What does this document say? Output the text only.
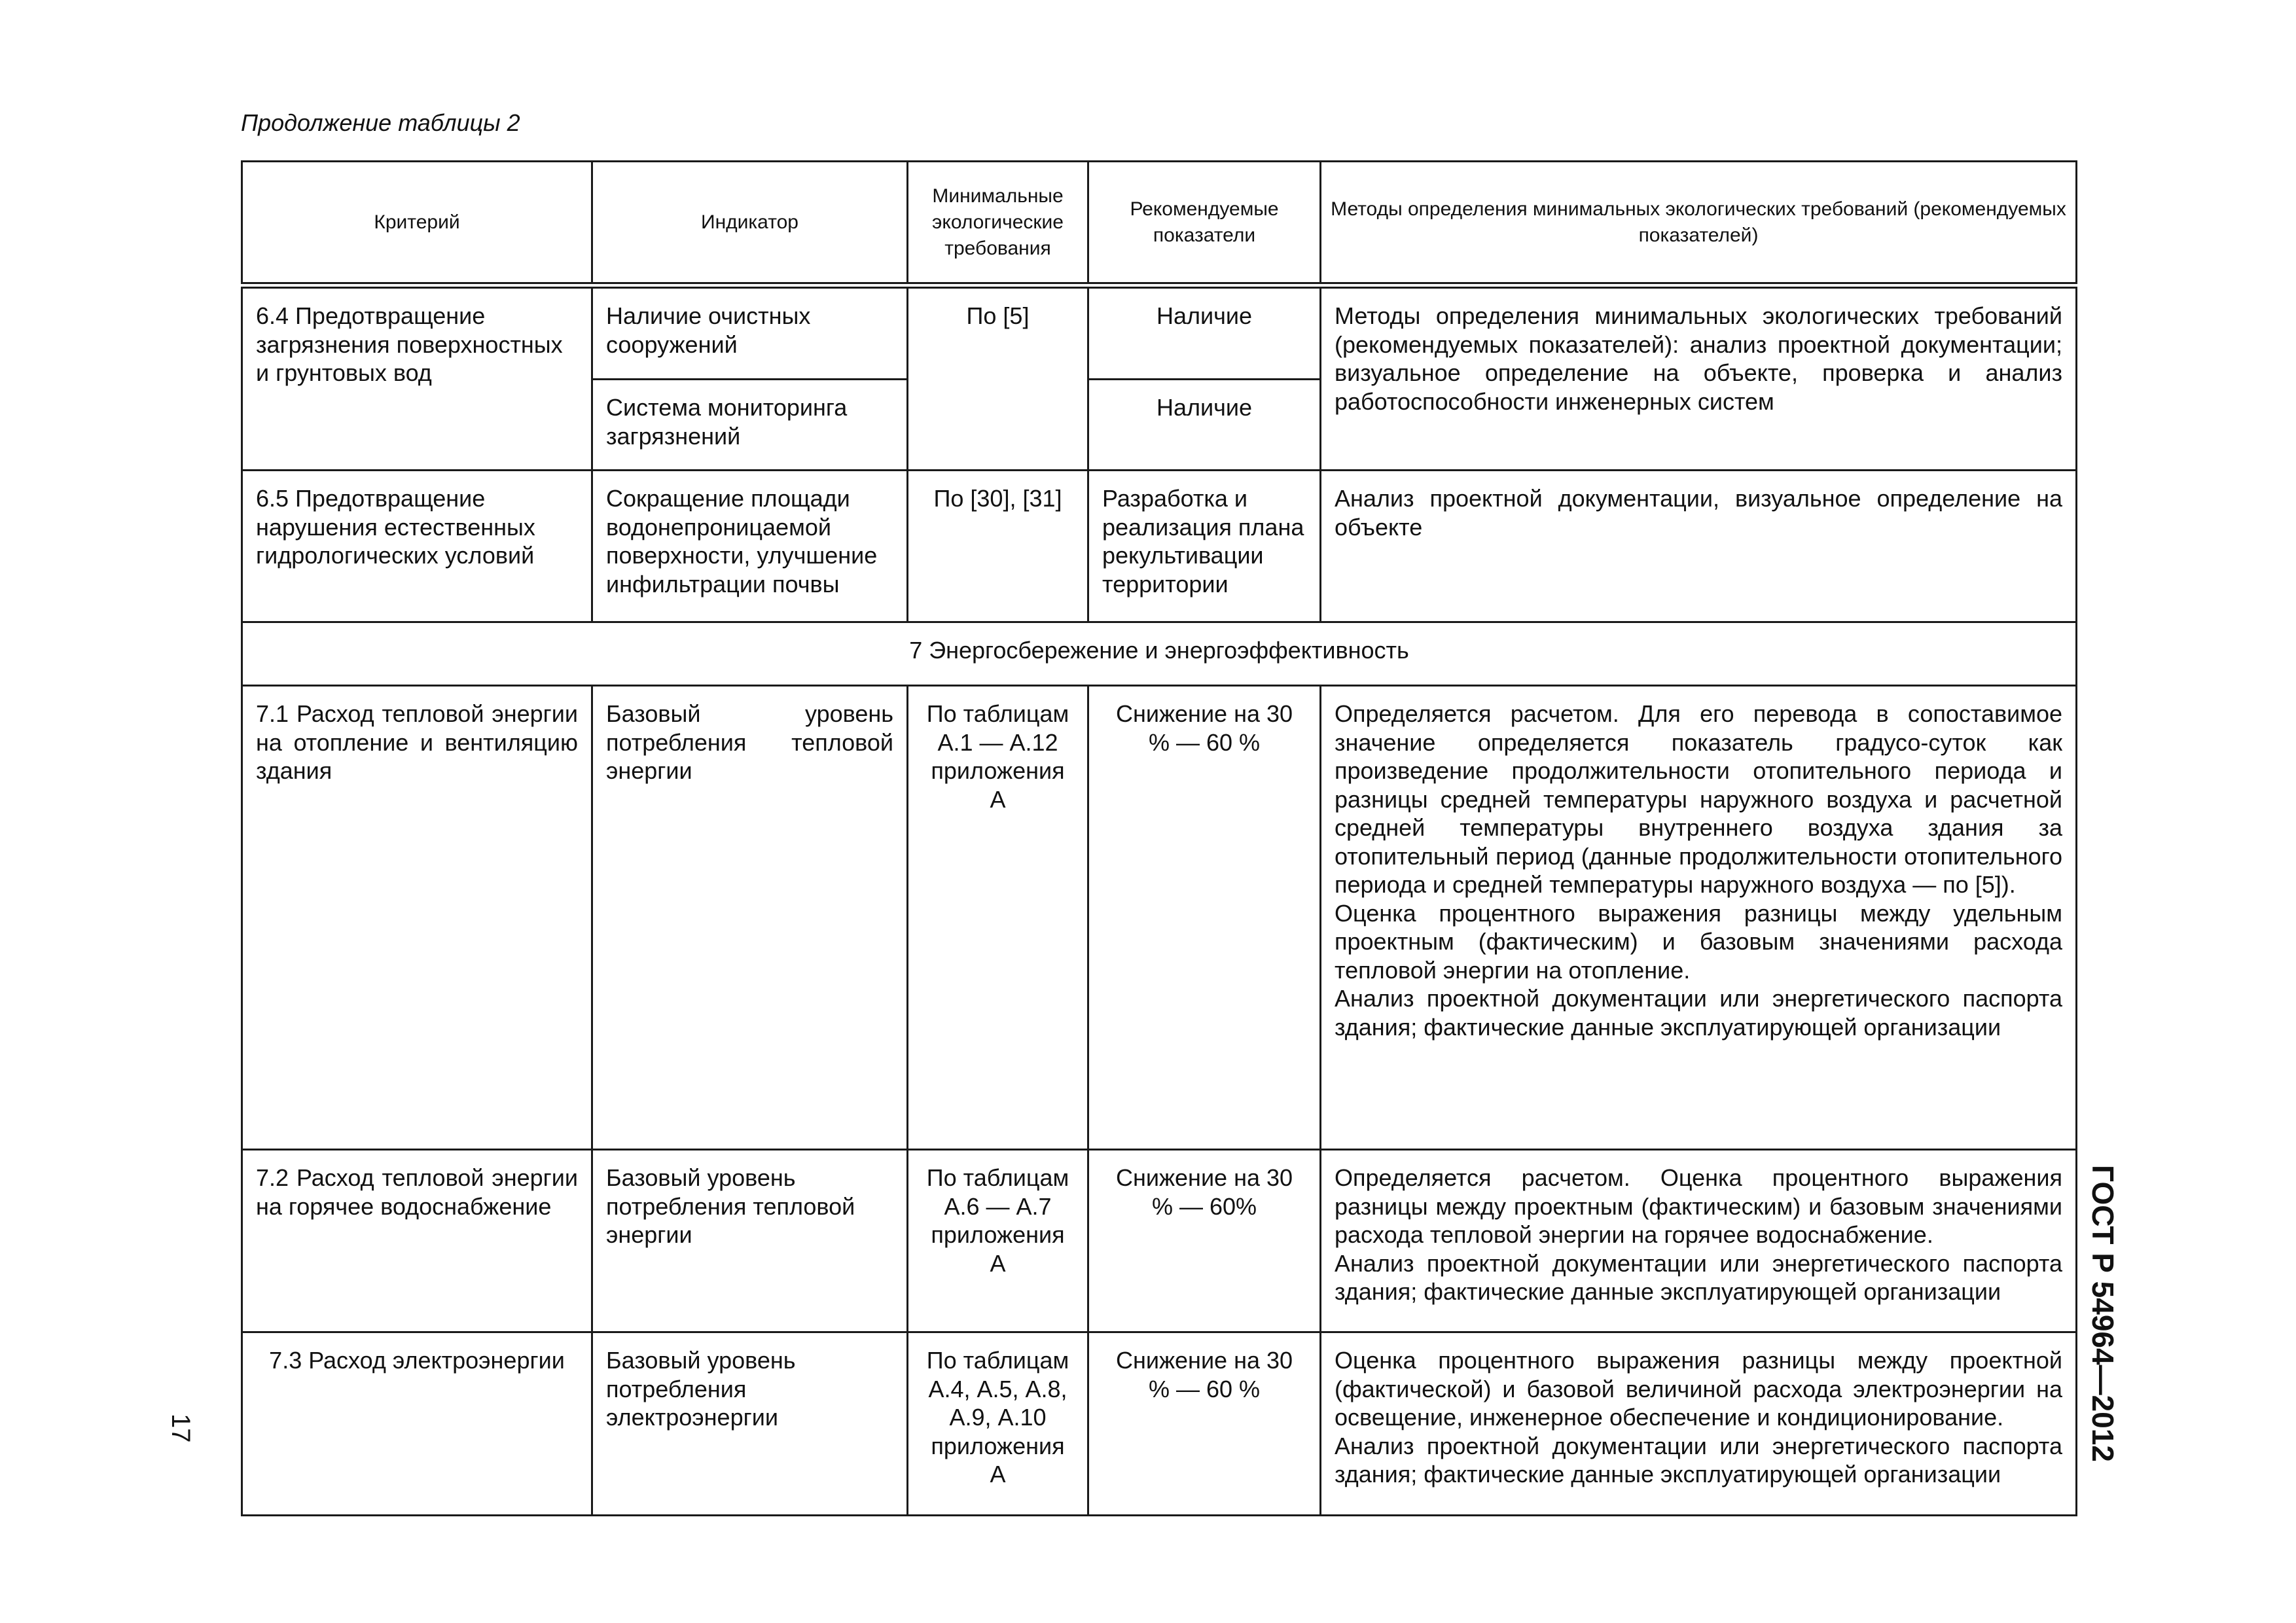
Продолжение таблицы 2
Критерий	Индикатор	Минимальные экологические требования	Рекомендуемые показатели	Методы определения минимальных экологических требований (рекомендуемых показателей)
6.4 Предотвращение загрязнения поверхностных и грунтовых вод	Наличие очистных сооружений	По [5]	Наличие	Методы определения минимальных экологических требований (рекомендуемых показателей): анализ проектной документации; визуальное определение на объекте, проверка и анализ работоспособности инженерных систем
	Система мониторинга загрязнений		Наличие	
6.5 Предотвращение нарушения естественных гидрологических условий	Сокращение площади водонепроницаемой поверхности, улучшение инфильтрации почвы	По [30], [31]	Разработка и реализация плана рекультивации территории	Анализ проектной документации, визуальное определение на объекте
7 Энергосбережение и энергоэффективность				
7.1 Расход тепловой энергии на отопление и вентиляцию здания	Базовый уровень потребления тепловой энергии	По таблицам А.1 — А.12 приложения А	Снижение на 30 % — 60 %	Определяется расчетом. Для его перевода в сопоставимое значение определяется показатель градусо-суток как произведение продолжительности отопительного периода и разницы средней температуры наружного воздуха и расчетной средней температуры внутреннего воздуха здания за отопительный период (данные продолжительности отопительного периода и средней температуры наружного воздуха — по [5]).
Оценка процентного выражения разницы между удельным проектным (фактическим) и базовым значениями расхода тепловой энергии на отопление.
Анализ проектной документации или энергетического паспорта здания; фактические данные эксплуатирующей организации

7.2 Расход тепловой энергии на горячее водоснабжение	Базовый уровень потребления тепловой энергии	По таблицам А.6 — А.7 приложения А	Снижение на 30 % — 60%	Определяется расчетом. Оценка процентного выражения разницы между проектным (фактическим) и базовым значениями расхода тепловой энергии на горячее водоснабжение.
Анализ проектной документации или энергетического паспорта здания; фактические данные эксплуатирующей организации

7.3 Расход электроэнергии	Базовый уровень потребления электроэнергии	По таблицам А.4, А.5, А.8, А.9, А.10 приложения А	Снижение на 30 % — 60 %	Оценка процентного выражения разницы между проектной (фактической) и базовой величиной расхода электроэнергии на освещение, инженерное обеспечение и кондиционирование.
Анализ проектной документации или энергетического паспорта здания; фактические данные эксплуатирующей организации
ГОСТ Р 54964—2012
17
